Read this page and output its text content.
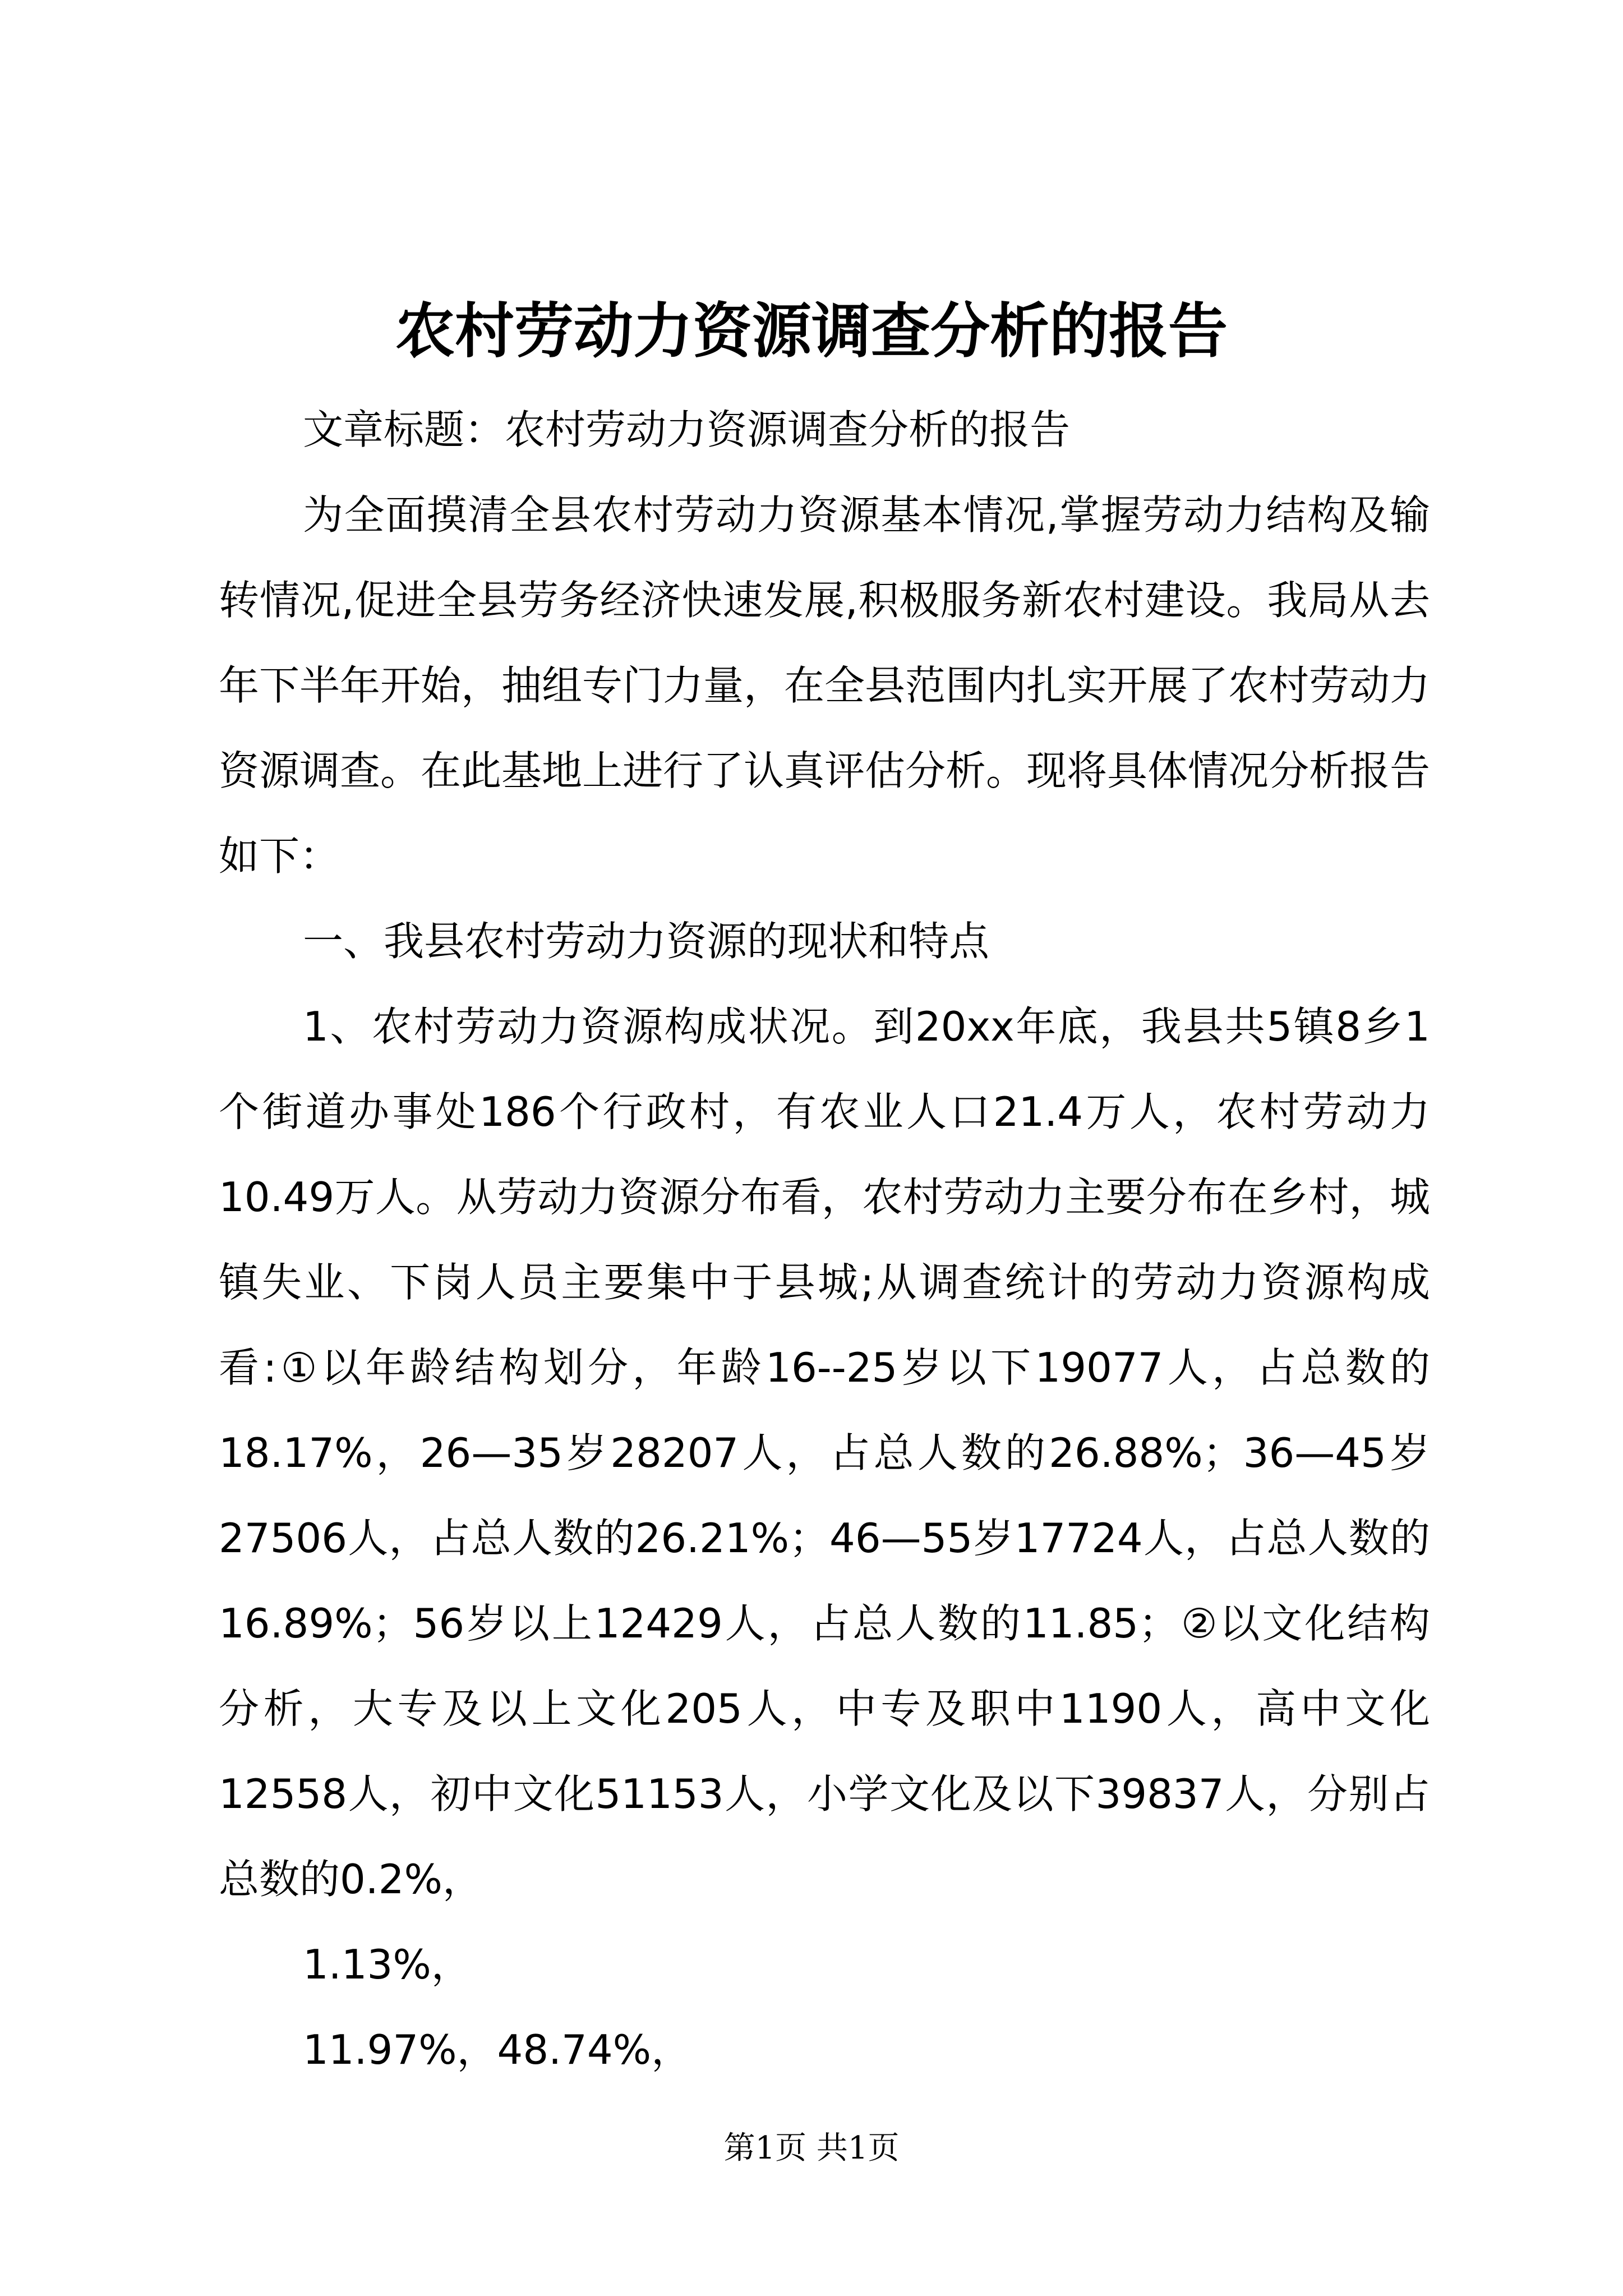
农村劳动力资源调查分析的报告

文章标题：农村劳动力资源调查分析的报告

为全面摸清全县农村劳动力资源基本情况,掌握劳动力结构及输转情况,促进全县劳务经济快速发展,积极服务新农村建设。我局从去年下半年开始，抽组专门力量，在全县范围内扎实开展了农村劳动力资源调查。在此基地上进行了认真评估分析。现将具体情况分析报告如下：

一、我县农村劳动力资源的现状和特点

1、农村劳动力资源构成状况。到20xx年底，我县共5镇8乡1个街道办事处186个行政村，有农业人口21.4万人，农村劳动力10.49万人。从劳动力资源分布看，农村劳动力主要分布在乡村，城镇失业、下岗人员主要集中于县城;从调查统计的劳动力资源构成看:①以年龄结构划分，年龄16--25岁以下19077人，占总数的18.17%，26—35岁28207人，占总人数的26.88%；36—45岁27506人，占总人数的26.21%；46—55岁17724人，占总人数的16.89%；56岁以上12429人，占总人数的11.85；②以文化结构分析，大专及以上文化205人，中专及职中1190人，高中文化12558人，初中文化51153人，小学文化及以下39837人，分别占总数的0.2%，

1.13%，

11.97%，48.74%，

第1页 共1页
